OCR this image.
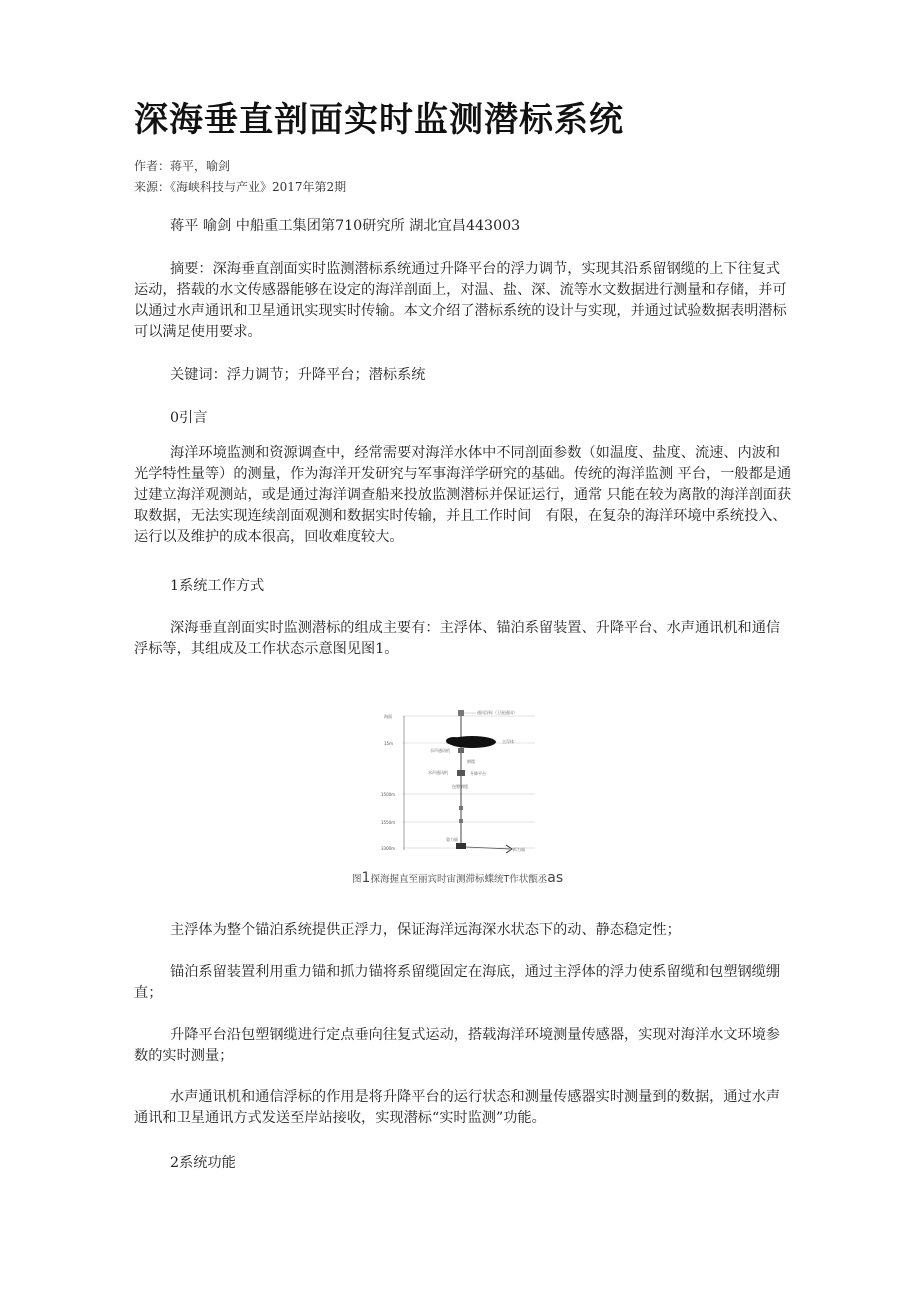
深海垂直剖面实时监测潜标系统
作者：蒋平，喻剑
来源：《海峡科技与产业》2017年第2期

蒋平 喻剑 中船重工集团第710研究所 湖北宜昌443003

摘要：深海垂直剖面实时监测潜标系统通过升降平台的浮力调节，实现其沿系留钢缆的上下往复式运动，搭载的水文传感器能够在设定的海洋剖面上，对温、盐、深、流等水文数据进行测量和存储，并可以通过水声通讯和卫星通讯实现实时传输。本文介绍了潜标系统的设计与实现，并通过试验数据表明潜标可以满足使用要求。

关键词：浮力调节；升降平台；潜标系统

0引言

海洋环境监测和资源调查中，经常需要对海洋水体中不同剖面参数（如温度、盐度、流速、内波和光学特性量等）的测量，作为海洋开发研究与军事海洋学研究的基础。传统的海洋监测 平台，一般都是通过建立海洋观测站，或是通过海洋调查船来投放监测潜标并保证运行，通常 只能在较为离散的海洋剖面获取数据，无法实现连续剖面观测和数据实时传输，并且工作时间　有限，在复杂的海洋环境中系统投入、运行以及维护的成本很高，回收难度较大。

1系统工作方式

深海垂直剖面实时监测潜标的组成主要有：主浮体、锚泊系留装置、升降平台、水声通讯机和通信浮标等，其组成及工作状态示意图见图1。

海面
15m
1500m
1550m
3300m
通讯浮标（卫星通讯）
主浮体
水声通讯机
钢缆
水声通讯机	升降平台
包塑钢缆
重力锚
抓力锚
图1探海握直至丽宾时宙测滞标蝶统T作状甑丞as

主浮体为整个锚泊系统提供正浮力，保证海洋远海深水状态下的动、静态稳定性；

锚泊系留装置利用重力锚和抓力锚将系留缆固定在海底，通过主浮体的浮力使系留缆和包塑钢缆绷直；

升降平台沿包塑钢缆进行定点垂向往复式运动，搭载海洋环境测量传感器，实现对海洋水文环境参数的实时测量；

水声通讯机和通信浮标的作用是将升降平台的运行状态和测量传感器实时测量到的数据，通过水声通讯和卫星通讯方式发送至岸站接收，实现潜标“实时监测”功能。

2系统功能
